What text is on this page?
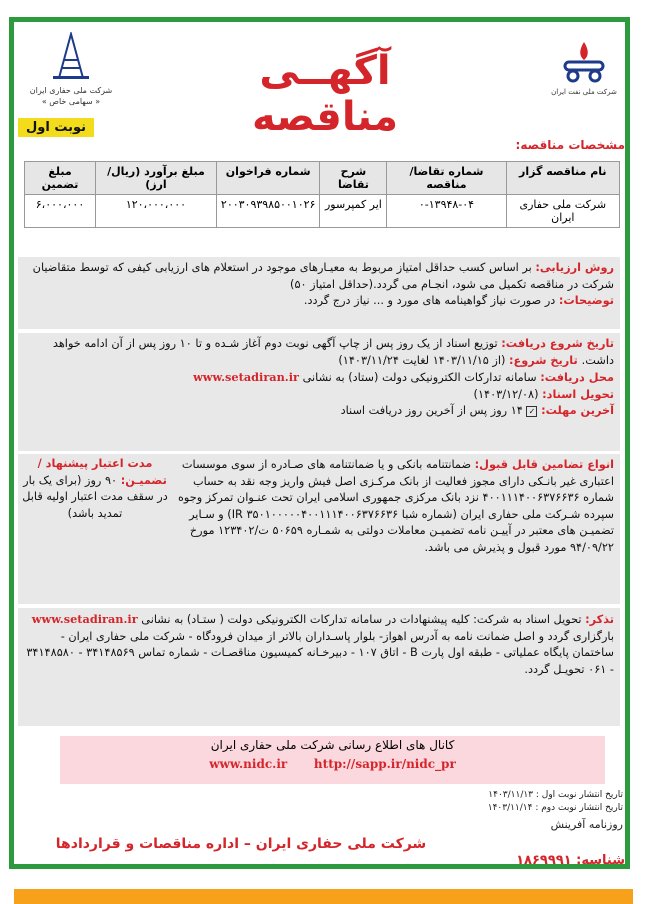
شرکت ملی حفاری ایران
« سهامی خاص »
شرکت ملی نفت ایران
آگهــی مناقصه
نوبت اول
مشخصات مناقصه:
نام مناقصه گزار	شماره تقاضا/ مناقصه	شرح تقاضا	شماره فراخوان	مبلغ برآورد (ریال/ارز)	مبلغ تضمین
شرکت ملی حفاری ایران	۰-۱۳۹۴۸-۰۴	ایر کمپرسور	۲۰۰۳۰۹۳۹۸۵۰۰۱۰۲۶	۱۲۰،۰۰۰،۰۰۰	۶،۰۰۰،۰۰۰
روش ارزیابی: بر اساس کسب حداقل امتیاز مربوط به معیـارهای موجود در استعلام های ارزیابی کیفی که توسط متقاضیان شرکت در مناقصه تکمیل می شود، انجـام می گردد.(حداقل امتیاز ۵۰)
توضیحات: در صورت نیاز گواهینامه های مورد و ... نیاز درج گردد.
تاریخ شروع دریافت: توزیع اسناد از یک روز پس از چاپ آگهی نوبت دوم آغاز شـده و تا ۱۰ روز پس از آن ادامه خواهد داشت. تاریخ شروع: (از ۱۴۰۳/۱۱/۱۵ لغایت ۱۴۰۳/۱۱/۲۴)
محل دریافت: سامانه تدارکات الکترونیکی دولت (ستاد) به نشانی www.setadiran.ir
تحویل اسناد: (۱۴۰۳/۱۲/۰۸)
آخرین مهلت: ✓ ۱۴ روز پس از آخرین روز دریافت اسناد
انواع تضامین قابل قبول: ضمانتنامه بانکی و یا ضمانتنامه های صـادره از سوی موسسات اعتباری غیر بانـکی دارای مجوز فعالیت از بانک مرکـزی اصل فیش واریز وجه نقد به حساب شماره ۴۰۰۱۱۱۴۰۰۶۳۷۶۶۳۶ نزد بانک مرکزی جمهوری اسلامی ایران تحت عنـوان تمرکز وجوه سپرده شـرکت ملی حفاری ایران (شماره شبا IR ۳۵۰۱۰۰۰۰۰۴۰۰۱۱۱۴۰۰۶۳۷۶۶۳۶) و سـایر تضمیـن های معتبر در آییـن نامه تضمیـن معاملات دولتی به شمـاره ۵۰۶۵۹ ت/۱۲۳۴۰۲ مورخ ۹۴/۰۹/۲۲ مورد قبول و پذیرش می باشد.
مدت اعتبار پیشنهاد / تضمیـن: ۹۰ روز (برای یک بار در سقف مدت اعتبار اولیه قابل تمدید باشد)
تذکر: تحویل اسناد به شرکت: کلیه پیشنهادات در سامانه تدارکات الکترونیکی دولت ( ستـاد) به نشانی www.setadiran.ir بارگزاری گردد و اصل ضمانت نامه به آدرس اهواز- بلوار پاسـداران بالاتر از میدان فرودگاه - شرکت ملی حفاری ایران - ساختمان پایگاه عملیاتی - طبقه اول پارت B - اتاق ۱۰۷ - دبیرخـانه کمیسیون مناقصـات - شماره تماس ۳۴۱۴۸۵۶۹ - ۳۴۱۴۸۵۸۰ - ۰۶۱ تحویـل گردد.
کانال های اطلاع رسانی شرکت ملی حفاری ایران
www.nidc.ir http://sapp.ir/nidc_pr
تاریخ انتشار نوبت اول : ۱۴۰۳/۱۱/۱۳
تاریخ انتشار نوبت دوم : ۱۴۰۳/۱۱/۱۴
روزنامه آفرینش
شرکت ملی حفاری ایران – اداره مناقصات و قراردادها
شناسه: ۱۸۶۹۹۹۱
